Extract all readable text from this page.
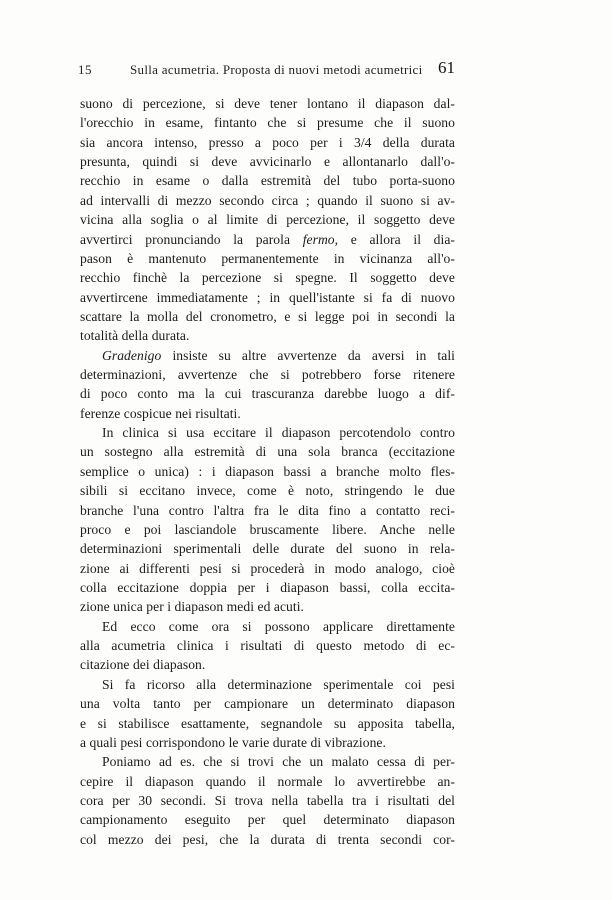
15	Sulla acumetria. Proposta di nuovi metodi acumetrici 61
suono di percezione, si deve tener lontano il diapason dal-
l'orecchio in esame, fintanto che si presume che il suono
sia ancora intenso, presso a poco per i 3/4 della durata
presunta, quindi si deve avvicinarlo e allontanarlo dall'o-
recchio in esame o dalla estremità del tubo porta-suono
ad intervalli di mezzo secondo circa ; quando il suono si av-
vicina alla soglia o al limite di percezione, il soggetto deve
avvertirci pronunciando la parola fermo, e allora il dia-
pason è mantenuto permanentemente in vicinanza all'o-
recchio finchè la percezione si spegne. Il soggetto deve
avvertircene immediatamente ; in quell'istante si fa di nuovo
scattare la molla del cronometro, e si legge poi in secondi la
totalità della durata.
Gradenigo insiste su altre avvertenze da aversi in tali
determinazioni, avvertenze che si potrebbero forse ritenere
di poco conto ma la cui trascuranza darebbe luogo a dif-
ferenze cospicue nei risultati.
In clinica si usa eccitare il diapason percotendolo contro
un sostegno alla estremità di una sola branca (eccitazione
semplice o unica) : i diapason bassi a branche molto fles-
sibili si eccitano invece, come è noto, stringendo le due
branche l'una contro l'altra fra le dita fino a contatto reci-
proco e poi lasciandole bruscamente libere. Anche nelle
determinazioni sperimentali delle durate del suono in rela-
zione ai differenti pesi si procederà in modo analogo, cioè
colla eccitazione doppia per i diapason bassi, colla eccita-
zione unica per i diapason medi ed acuti.
Ed ecco come ora si possono applicare direttamente
alla acumetria clinica i risultati di questo metodo di ec-
citazione dei diapason.
Si fa ricorso alla determinazione sperimentale coi pesi
una volta tanto per campionare un determinato diapason
e si stabilisce esattamente, segnandole su apposita tabella,
a quali pesi corrispondono le varie durate di vibrazione.
Poniamo ad es. che si trovi che un malato cessa di per-
cepire il diapason quando il normale lo avvertirebbe an-
cora per 30 secondi. Si trova nella tabella tra i risultati del
campionamento eseguito per quel determinato diapason
col mezzo dei pesi, che la durata di trenta secondi cor-
